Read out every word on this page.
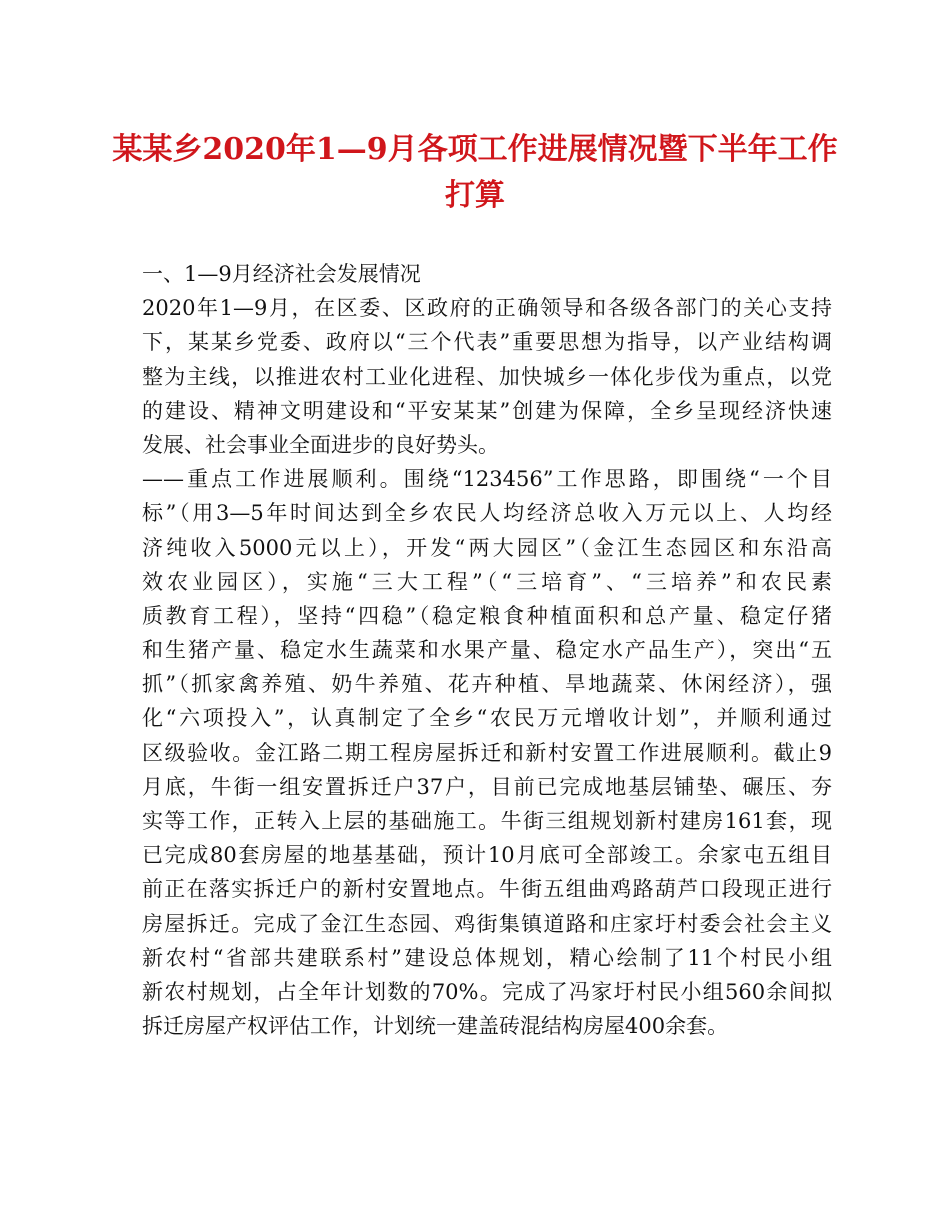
某某乡2020年1—9月各项工作进展情况暨下半年工作
打算
一、1—9月经济社会发展情况
2020年1—9月，在区委、区政府的正确领导和各级各部门的关心支持
下，某某乡党委、政府以“三个代表”重要思想为指导，以产业结构调
整为主线，以推进农村工业化进程、加快城乡一体化步伐为重点，以党
的建设、精神文明建设和“平安某某”创建为保障，全乡呈现经济快速
发展、社会事业全面进步的良好势头。
——重点工作进展顺利。围绕“123456”工作思路，即围绕“一个目
标”（用3—5年时间达到全乡农民人均经济总收入万元以上、人均经
济纯收入5000元以上），开发“两大园区”（金江生态园区和东沿高
效农业园区），实施“三大工程”（“三培育”、“三培养”和农民素
质教育工程），坚持“四稳”（稳定粮食种植面积和总产量、稳定仔猪
和生猪产量、稳定水生蔬菜和水果产量、稳定水产品生产），突出“五
抓”（抓家禽养殖、奶牛养殖、花卉种植、旱地蔬菜、休闲经济），强
化“六项投入”，认真制定了全乡“农民万元增收计划”，并顺利通过
区级验收。金江路二期工程房屋拆迁和新村安置工作进展顺利。截止9
月底，牛街一组安置拆迁户37户，目前已完成地基层铺垫、碾压、夯
实等工作，正转入上层的基础施工。牛街三组规划新村建房161套，现
已完成80套房屋的地基基础，预计10月底可全部竣工。余家屯五组目
前正在落实拆迁户的新村安置地点。牛街五组曲鸡路葫芦口段现正进行
房屋拆迁。完成了金江生态园、鸡街集镇道路和庄家圩村委会社会主义
新农村“省部共建联系村”建设总体规划，精心绘制了11个村民小组
新农村规划，占全年计划数的70%。完成了冯家圩村民小组560余间拟
拆迁房屋产权评估工作，计划统一建盖砖混结构房屋400余套。
